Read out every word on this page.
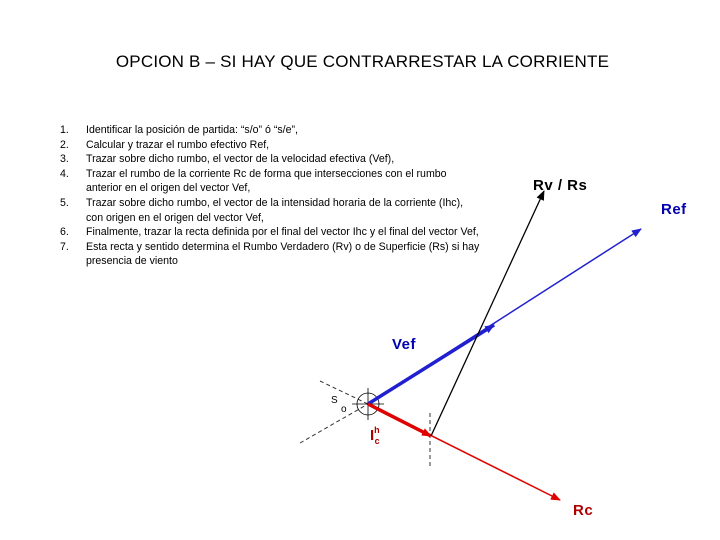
OPCION B – SI HAY QUE CONTRARRESTAR LA CORRIENTE
1. Identificar la posición de partida: “s/o” ó “s/e”,
2. Calcular y trazar el rumbo efectivo Ref,
3. Trazar sobre dicho rumbo, el vector de la velocidad efectiva (Vef),
4. Trazar el rumbo de la corriente Rc de forma que intersecciones con el rumbo anterior en el origen del vector Vef,
5. Trazar sobre dicho rumbo, el vector de la intensidad horaria de la corriente (Ihc), con origen en el origen del vector Vef,
6. Finalmente, trazar la recta definida por el final del vector Ihc y el final del vector Vef,
7. Esta recta y sentido determina el Rumbo Verdadero (Rv) o de Superficie (Rs) si hay presencia de viento
Rv / Rs
Ref
Vef
Rc
$I^h_c$
S
o
